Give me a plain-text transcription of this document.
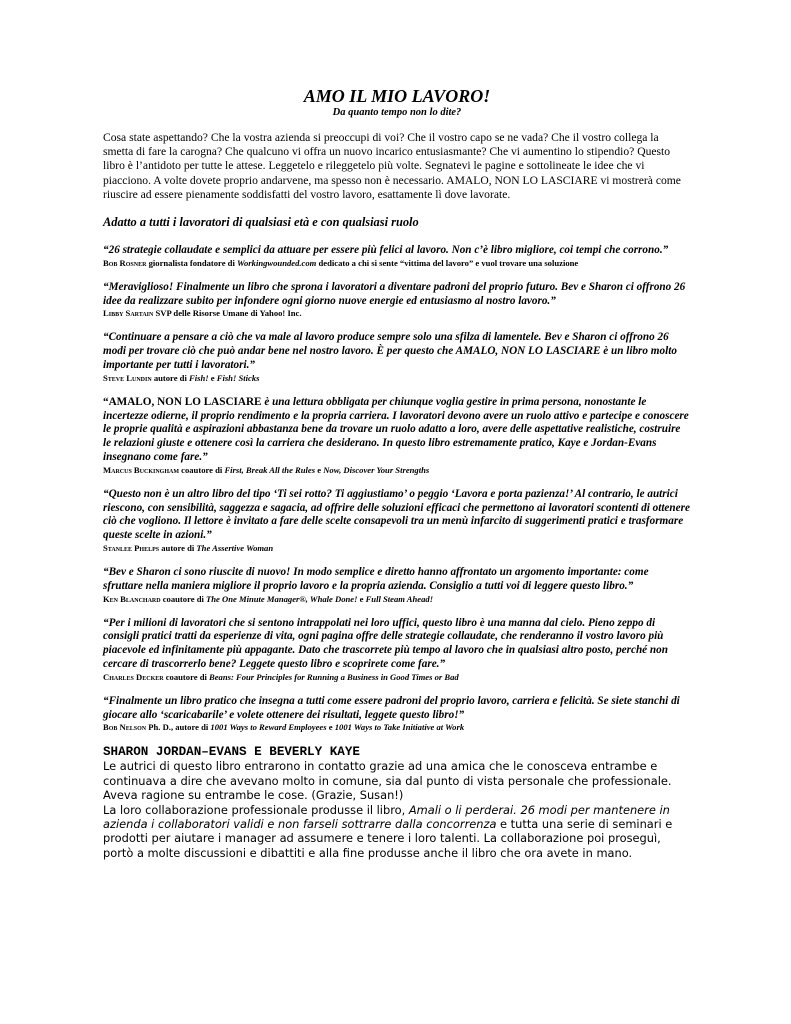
AMO IL MIO LAVORO!

Da quanto tempo non lo dite?

Cosa state aspettando? Che la vostra azienda si preoccupi di voi? Che il vostro capo se ne vada? Che il vostro collega la smetta di fare la carogna? Che qualcuno vi offra un nuovo incarico entusiasmante? Che vi aumentino lo stipendio? Questo libro è l’antidoto per tutte le attese. Leggetelo e rileggetelo più volte. Segnatevi le pagine e sottolineate le idee che vi piacciono. A volte dovete proprio andarvene, ma spesso non è necessario. AMALO, NON LO LASCIARE vi mostrerà come riuscire ad essere pienamente soddisfatti del vostro lavoro, esattamente lì dove lavorate.

Adatto a tutti i lavoratori di qualsiasi età e con qualsiasi ruolo

“26 strategie collaudate e semplici da attuare per essere più felici al lavoro. Non c’è libro migliore, coi tempi che corrono.”

Bob Rosner giornalista fondatore di Workingwounded.com dedicato a chi si sente “vittima del lavoro” e vuol trovare una soluzione

“Meraviglioso! Finalmente un libro che sprona i lavoratori a diventare padroni del proprio futuro. Bev e Sharon ci offrono 26 idee da realizzare subito per infondere ogni giorno nuove energie ed entusiasmo al nostro lavoro.”

Libby Sartain SVP delle Risorse Umane di Yahoo! Inc.

“Continuare a pensare a ciò che va male al lavoro produce sempre solo una sfilza di lamentele. Bev e Sharon ci offrono 26 modi per trovare ciò che può andar bene nel nostro lavoro. È per questo che AMALO, NON LO LASCIARE è un libro molto importante per tutti i lavoratori.”

Steve Lundin autore di Fish! e Fish! Sticks

“AMALO, NON LO LASCIARE è una lettura obbligata per chiunque voglia gestire in prima persona, nonostante le incertezze odierne, il proprio rendimento e la propria carriera. I lavoratori devono avere un ruolo attivo e partecipe e conoscere le proprie qualità e aspirazioni abbastanza bene da trovare un ruolo adatto a loro, avere delle aspettative realistiche, costruire le relazioni giuste e ottenere così la carriera che desiderano. In questo libro estremamente pratico, Kaye e Jordan-Evans insegnano come fare.”

Marcus Buckingham coautore di First, Break All the Rules e Now, Discover Your Strengths

“Questo non è un altro libro del tipo ‘Ti sei rotto? Ti aggiustiamo’ o peggio ‘Lavora e porta pazienza!’ Al contrario, le autrici riescono, con sensibilità, saggezza e sagacia, ad offrire delle soluzioni efficaci che permettono ai lavoratori scontenti di ottenere ciò che vogliono. Il lettore è invitato a fare delle scelte consapevoli tra un menù infarcito di suggerimenti pratici e trasformare queste scelte in azioni.”

Stanlee Phelps autore di The Assertive Woman

“Bev e Sharon ci sono riuscite di nuovo! In modo semplice e diretto hanno affrontato un argomento importante: come sfruttare nella maniera migliore il proprio lavoro e la propria azienda. Consiglio a tutti voi di leggere questo libro.”

Ken Blanchard coautore di The One Minute Manager®, Whale Done! e Full Steam Ahead!

“Per i milioni di lavoratori che si sentono intrappolati nei loro uffici, questo libro è una manna dal cielo. Pieno zeppo di consigli pratici tratti da esperienze di vita, ogni pagina offre delle strategie collaudate, che renderanno il vostro lavoro più piacevole ed infinitamente più appagante. Dato che trascorrete più tempo al lavoro che in qualsiasi altro posto, perché non cercare di trascorrerlo bene? Leggete questo libro e scoprirete come fare.”

Charles Decker coautore di Beans: Four Principles for Running a Business in Good Times or Bad

“Finalmente un libro pratico che insegna a tutti come essere padroni del proprio lavoro, carriera e felicità. Se siete stanchi di giocare allo ‘scaricabarile’ e volete ottenere dei risultati, leggete questo libro!”

Bob Nelson Ph. D., autore di 1001 Ways to Reward Employees e 1001 Ways to Take Initiative at Work

SHARON JORDAN–EVANS E BEVERLY KAYE

Le autrici di questo libro entrarono in contatto grazie ad una amica che le conosceva entrambe e continuava a dire che avevano molto in comune, sia dal punto di vista personale che professionale. Aveva ragione su entrambe le cose. (Grazie, Susan!)

La loro collaborazione professionale produsse il libro, Amali o li perderai. 26 modi per mantenere in azienda i collaboratori validi e non farseli sottrarre dalla concorrenza e tutta una serie di seminari e prodotti per aiutare i manager ad assumere e tenere i loro talenti. La collaborazione poi proseguì, portò a molte discussioni e dibattiti e alla fine produsse anche il libro che ora avete in mano.
